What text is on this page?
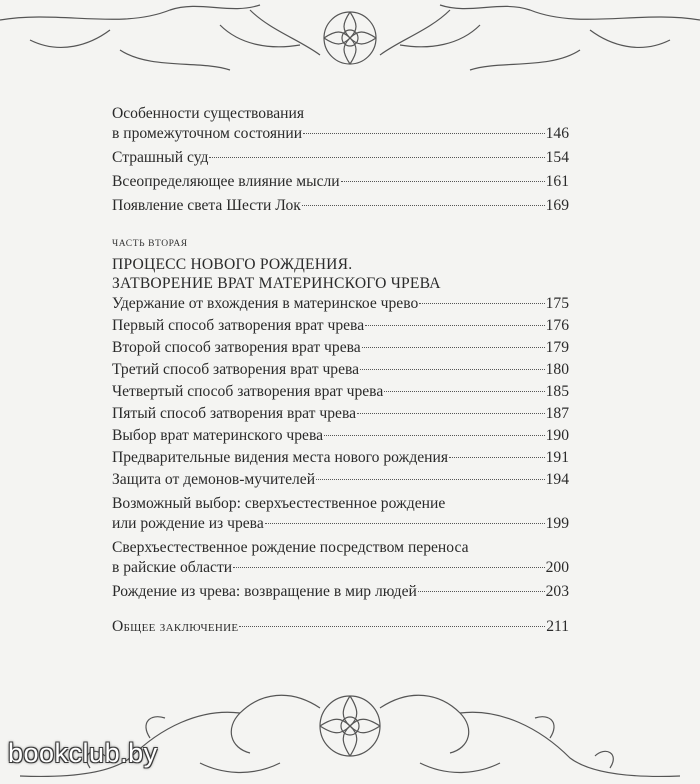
Особенности существования
в промежуточном состоянии	146
Страшный суд	154
Всеопределяющее влияние мысли	161
Появление света Шести Лок	169
ЧАСТЬ ВТОРАЯ
ПРОЦЕСС НОВОГО РОЖДЕНИЯ.
ЗАТВОРЕНИЕ ВРАТ МАТЕРИНСКОГО ЧРЕВА
Удержание от вхождения в материнское чрево	175
Первый способ затворения врат чрева	176
Второй способ затворения врат чрева	179
Третий способ затворения врат чрева	180
Четвертый способ затворения врат чрева	185
Пятый способ затворения врат чрева	187
Выбор врат материнского чрева	190
Предварительные видения места нового рождения	191
Защита от демонов-мучителей	194
Возможный выбор: сверхъестественное рождение
или рождение из чрева	199
Сверхъестественное рождение посредством переноса
в райские области	200
Рождение из чрева: возвращение в мир людей	203
Общее заключение	211
bookclub.by
